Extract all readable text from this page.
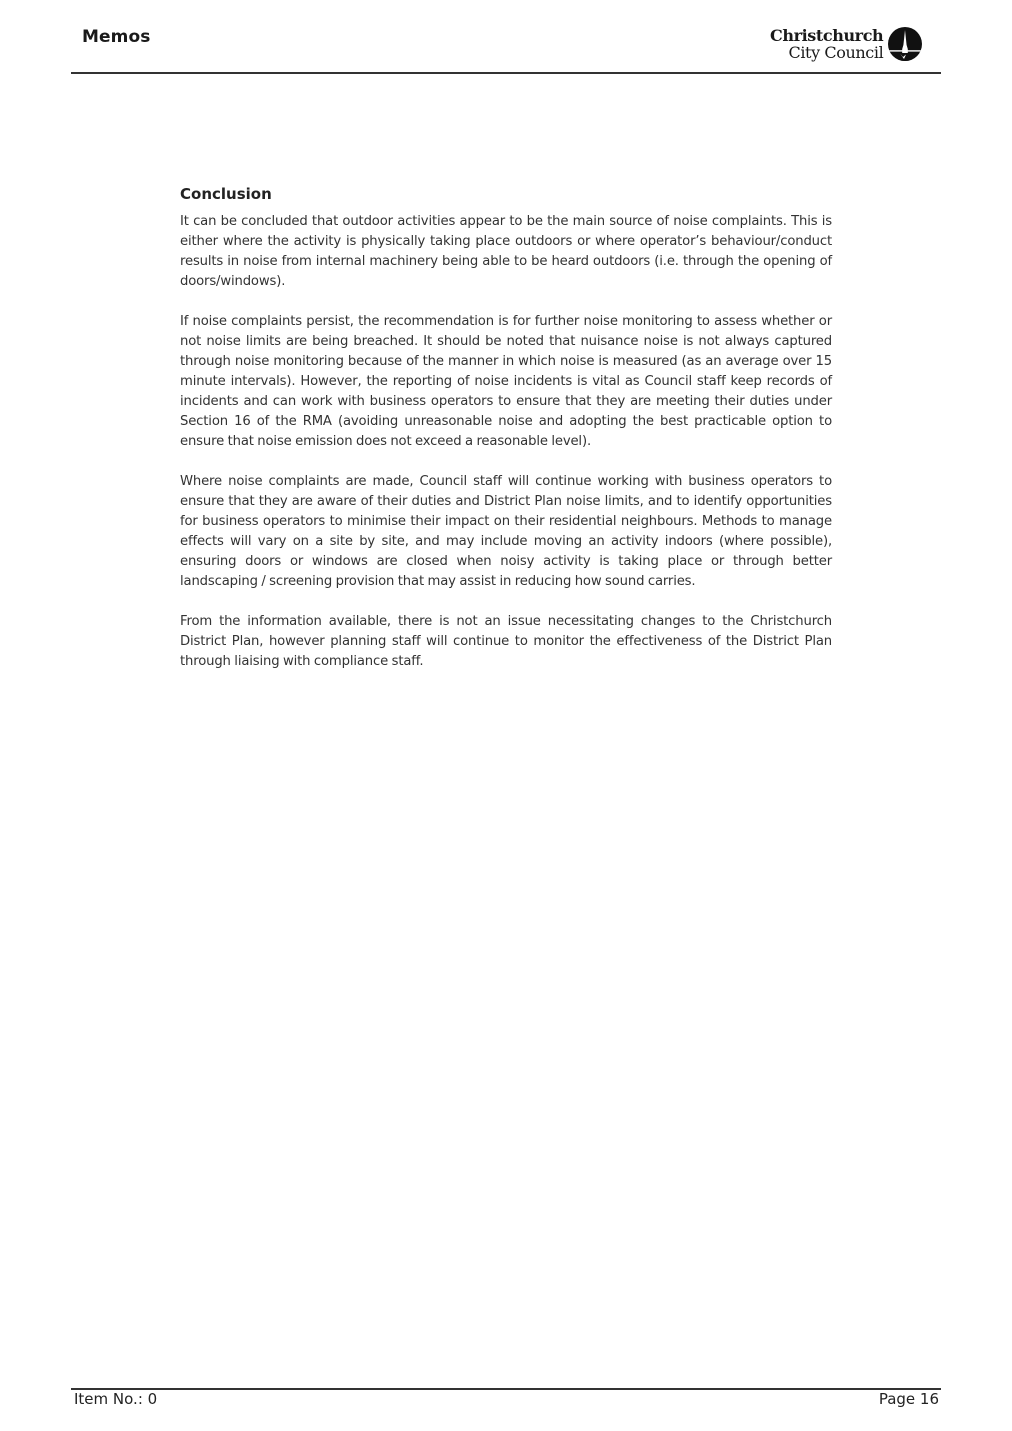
Memos	Christchurch
City Council
Conclusion

It can be concluded that outdoor activities appear to be the main source of noise complaints. This is either where the activity is physically taking place outdoors or where operator’s behaviour/conduct results in noise from internal machinery being able to be heard outdoors (i.e. through the opening of doors/windows).

If noise complaints persist, the recommendation is for further noise monitoring to assess whether or not noise limits are being breached. It should be noted that nuisance noise is not always captured through noise monitoring because of the manner in which noise is measured (as an average over 15 minute intervals). However, the reporting of noise incidents is vital as Council staff keep records of incidents and can work with business operators to ensure that they are meeting their duties under Section 16 of the RMA (avoiding unreasonable noise and adopting the best practicable option to ensure that noise emission does not exceed a reasonable level).

Where noise complaints are made, Council staff will continue working with business operators to ensure that they are aware of their duties and District Plan noise limits, and to identify opportunities for business operators to minimise their impact on their residential neighbours. Methods to manage effects will vary on a site by site, and may include moving an activity indoors (where possible), ensuring doors or windows are closed when noisy activity is taking place or through better landscaping / screening provision that may assist in reducing how sound carries.

From the information available, there is not an issue necessitating changes to the Christchurch District Plan, however planning staff will continue to monitor the effectiveness of the District Plan through liaising with compliance staff.

Item No.: 0	Page 16
